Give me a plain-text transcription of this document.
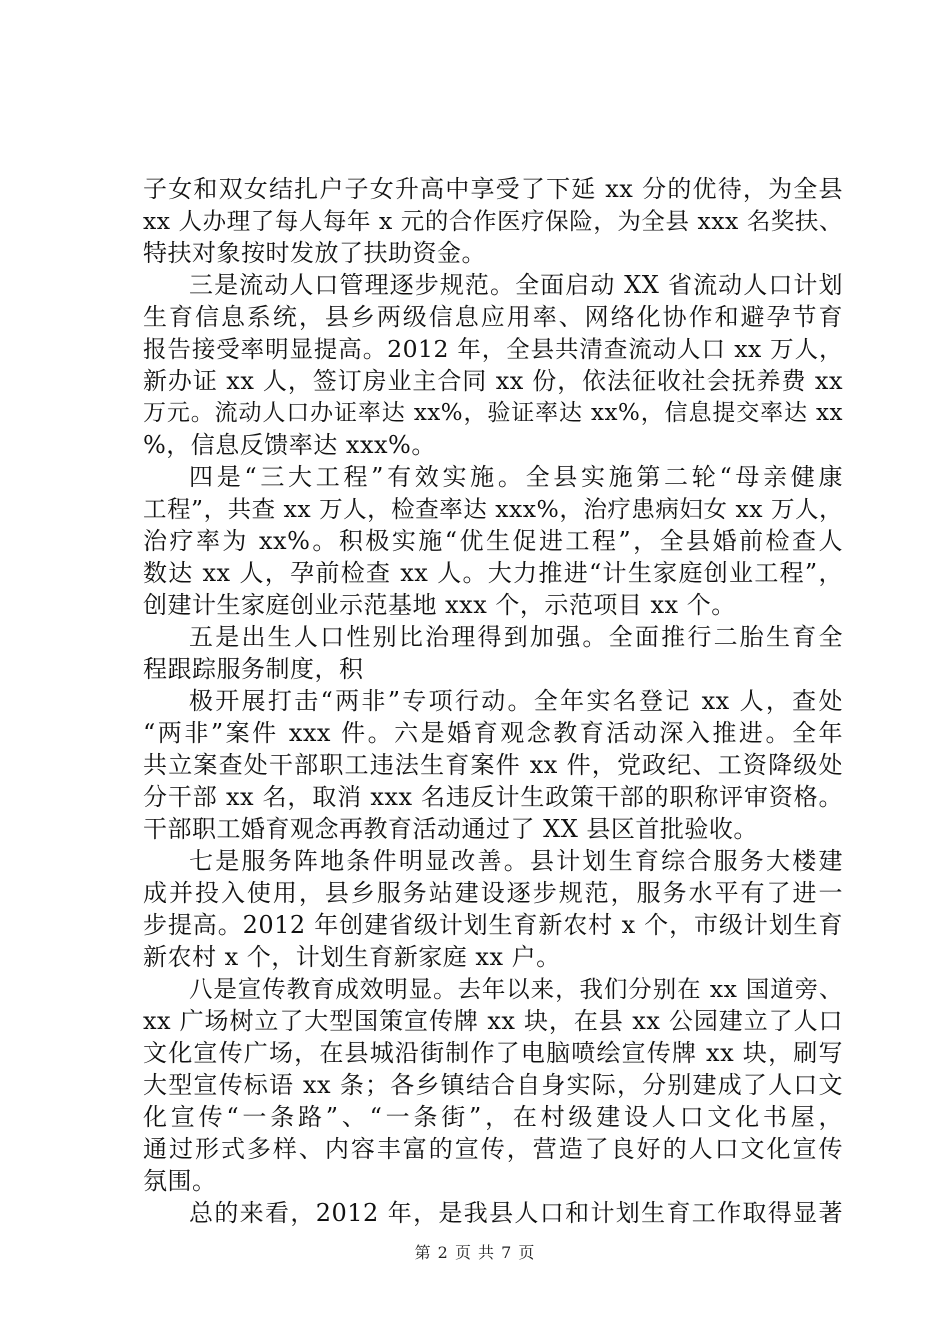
子女和双女结扎户子女升高中享受了下延 xx 分的优待，为全县
xx 人办理了每人每年 x 元的合作医疗保险，为全县 xxx 名奖扶、
特扶对象按时发放了扶助资金。
三是流动人口管理逐步规范。全面启动 XX 省流动人口计划
生育信息系统，县乡两级信息应用率、网络化协作和避孕节育
报告接受率明显提高。2012 年，全县共清查流动人口 xx 万人，
新办证 xx 人，签订房业主合同 xx 份，依法征收社会抚养费 xx
万元。流动人口办证率达 xx%，验证率达 xx%，信息提交率达 xx
%，信息反馈率达 xxx%。
四是“三大工程”有效实施。全县实施第二轮“母亲健康
工程”，共查 xx 万人，检查率达 xxx%，治疗患病妇女 xx 万人，
治疗率为 xx%。积极实施“优生促进工程”，全县婚前检查人
数达 xx 人，孕前检查 xx 人。大力推进“计生家庭创业工程”，
创建计生家庭创业示范基地 xxx 个，示范项目 xx 个。
五是出生人口性别比治理得到加强。全面推行二胎生育全
程跟踪服务制度，积
极开展打击“两非”专项行动。全年实名登记 xx 人，查处
“两非”案件 xxx 件。六是婚育观念教育活动深入推进。全年
共立案查处干部职工违法生育案件 xx 件，党政纪、工资降级处
分干部 xx 名，取消 xxx 名违反计生政策干部的职称评审资格。
干部职工婚育观念再教育活动通过了 XX 县区首批验收。
七是服务阵地条件明显改善。县计划生育综合服务大楼建
成并投入使用，县乡服务站建设逐步规范，服务水平有了进一
步提高。2012 年创建省级计划生育新农村 x 个，市级计划生育
新农村 x 个，计划生育新家庭 xx 户。
八是宣传教育成效明显。去年以来，我们分别在 xx 国道旁、
xx 广场树立了大型国策宣传牌 xx 块，在县 xx 公园建立了人口
文化宣传广场，在县城沿街制作了电脑喷绘宣传牌 xx 块，刷写
大型宣传标语 xx 条；各乡镇结合自身实际，分别建成了人口文
化宣传“一条路”、“一条街”，在村级建设人口文化书屋，
通过形式多样、内容丰富的宣传，营造了良好的人口文化宣传
氛围。
总的来看，2012 年，是我县人口和计划生育工作取得显著
第 2 页 共 7 页
